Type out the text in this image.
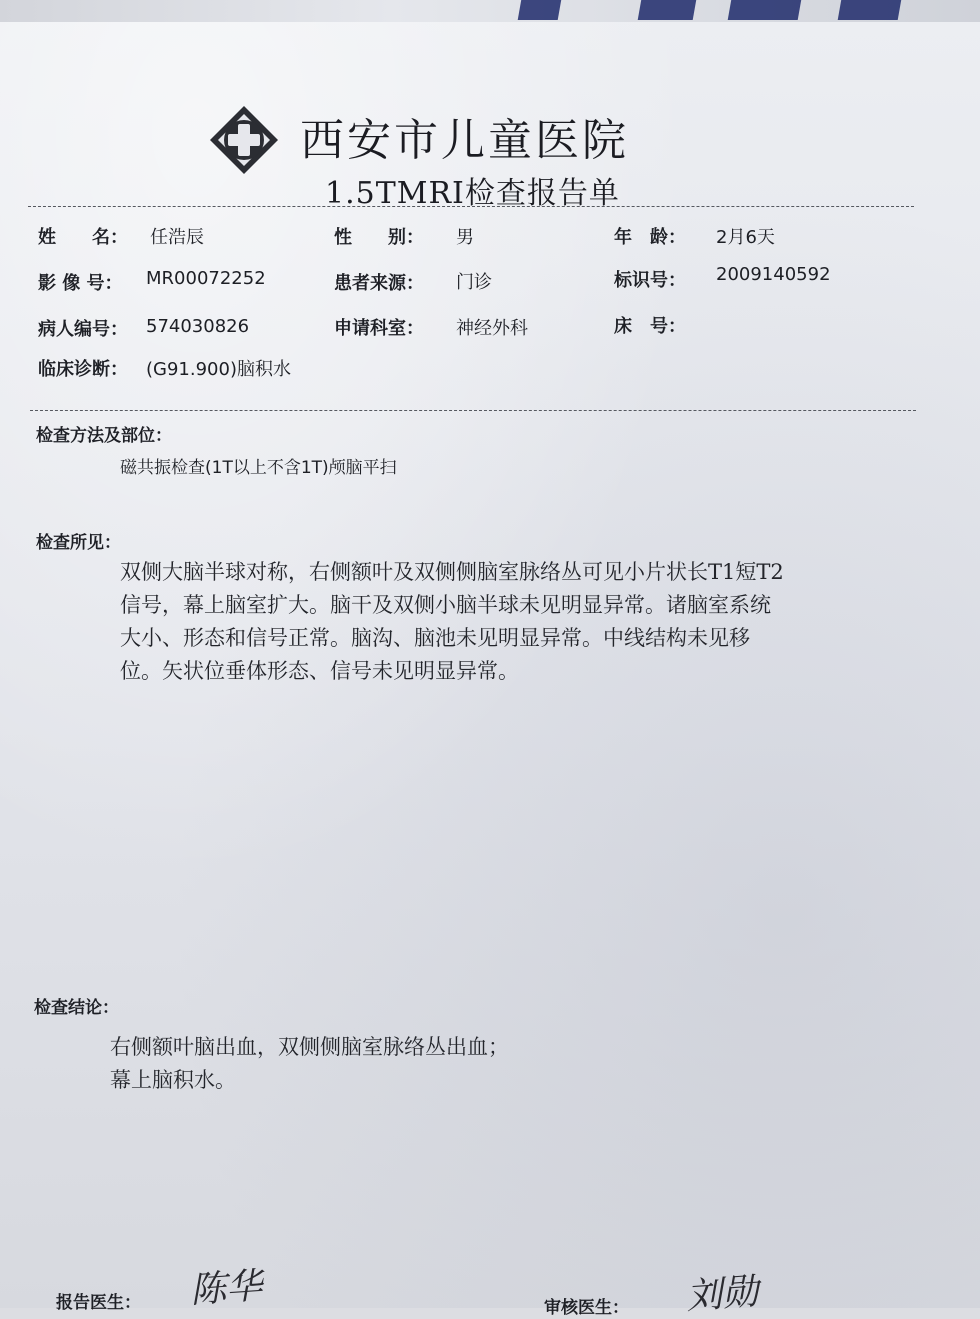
西安市儿童医院
1.5TMRI检查报告单
姓　　名： 任浩辰	性　　别： 男	年　龄： 2月6天
影 像 号： MR00072252	患者来源： 门诊	标识号： 2009140592
病人编号： 574030826	申请科室： 神经外科	床　号：
临床诊断： (G91.900)脑积水
检查方法及部位：
磁共振检查(1T以上不含1T)颅脑平扫
检查所见：
双侧大脑半球对称，右侧额叶及双侧侧脑室脉络丛可见小片状长T1短T2
信号，幕上脑室扩大。脑干及双侧小脑半球未见明显异常。诸脑室系统
大小、形态和信号正常。脑沟、脑池未见明显异常。中线结构未见移
位。矢状位垂体形态、信号未见明显异常。
检查结论：
右侧额叶脑出血，双侧侧脑室脉络丛出血；
幕上脑积水。
报告医生： 陈华	审核医生： 刘勋
